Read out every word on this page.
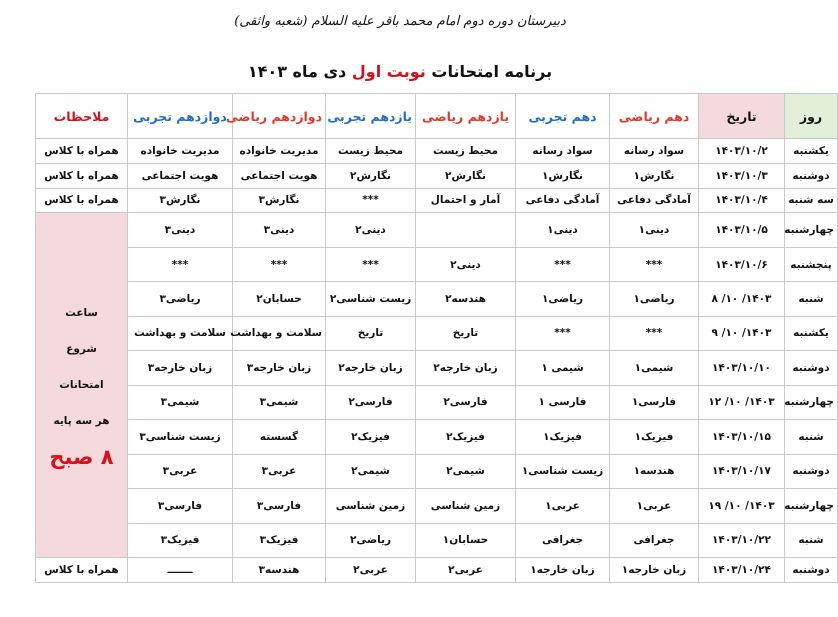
دبیرستان دوره دوم امام محمد باقر علیه السلام (شعبه واثقی)
برنامه امتحانات نوبت اول دی ماه ۱۴۰۳
روز	تاریخ	دهم ریاضی	دهم تجربی	یازدهم ریاضی	یازدهم تجربی	دوازدهم ریاضی	دوازدهم تجربی	ملاحظات
یکشنبه	۱۴۰۳/۱۰/۲	سواد رسانه	سواد رسانه	محیط زیست	محیط زیست	مدیریت خانواده	مدیریت خانواده	همراه با کلاس
دوشنبه	۱۴۰۳/۱۰/۳	نگارش۱	نگارش۱	نگارش۲	نگارش۲	هویت اجتماعی	هویت اجتماعی	همراه با کلاس
سه شنبه	۱۴۰۳/۱۰/۴	آمادگی دفاعی	آمادگی دفاعی	آمار و احتمال	***	نگارش۳	نگارش۳	همراه با کلاس
چهارشنبه	۱۴۰۳/۱۰/۵	دینی۱	دینی۱		دینی۲	دینی۳	دینی۳	ساعت
شروع
امتحانات
هر سه پایه
۸ صبح

پنجشنبه	۱۴۰۳/۱۰/۶	***	***	دینی۲	***	***	***	
شنبه	۱۴۰۳/ ۱۰/ ۸	ریاضی۱	ریاضی۱	هندسه۲	زیست شناسی۲	حسابان۲	ریاضی۳	
یکشنبه	۱۴۰۳/ ۱۰/ ۹	***	***	تاریخ	تاریخ	سلامت و بهداشت	سلامت و بهداشت	
دوشنبه	۱۴۰۳/۱۰/۱۰	شیمی۱	شیمی ۱	زبان خارجه۲	زبان خارجه۲	زبان خارجه۳	زبان خارجه۳	
چهارشنبه	۱۴۰۳/ ۱۰/ ۱۲	فارسی۱	فارسی ۱	فارسی۲	فارسی۲	شیمی۳	شیمی۳	
شنبه	۱۴۰۳/۱۰/۱۵	فیزیک۱	فیزیک۱	فیزیک۲	فیزیک۲	گسسته	زیست شناسی۳	
دوشنبه	۱۴۰۳/۱۰/۱۷	هندسه۱	زیست شناسی۱	شیمی۲	شیمی۲	عربی۳	عربی۳	
چهارشنبه	۱۴۰۳/ ۱۰/ ۱۹	عربی۱	عربی۱	زمین شناسی	زمین شناسی	فارسی۳	فارسی۳	
شنبه	۱۴۰۳/۱۰/۲۲	جغرافی	جغرافی	حسابان۱	ریاضی۲	فیزیک۳	فیزیک۳	
دوشنبه	۱۴۰۳/۱۰/۲۴	زبان خارجه۱	زبان خارجه۱	عربی۲	عربی۲	هندسه۳	ـــــــ	همراه با کلاس
